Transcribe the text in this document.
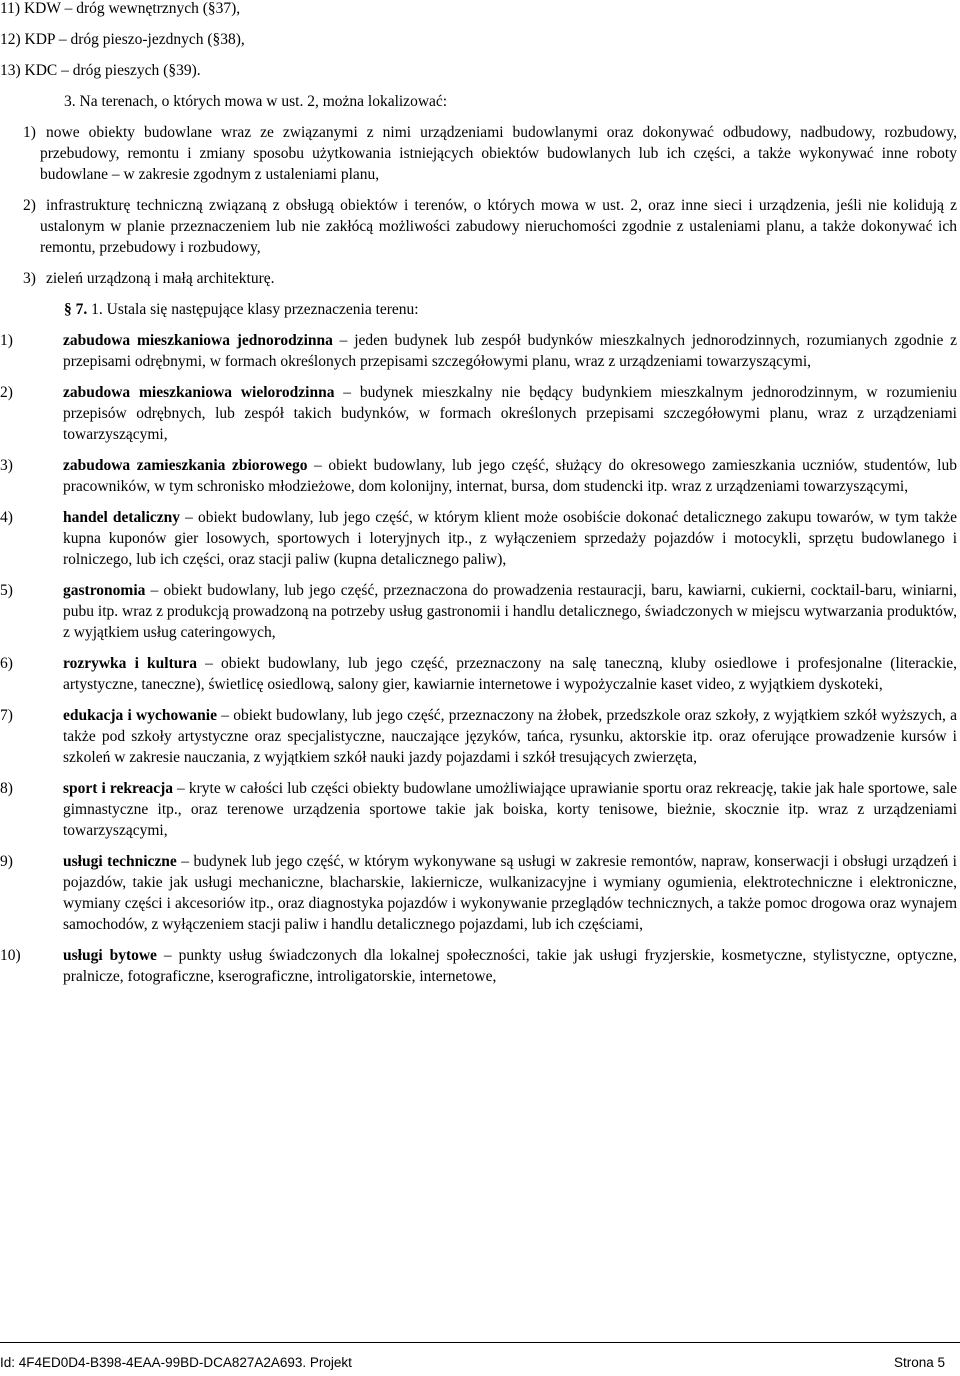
11) KDW – dróg wewnętrznych (§37),

12) KDP – dróg pieszo-jezdnych (§38),

13) KDC – dróg pieszych (§39).

3. Na terenach, o których mowa w ust. 2, można lokalizować:

1) nowe obiekty budowlane wraz ze związanymi z nimi urządzeniami budowlanymi oraz dokonywać odbudowy, nadbudowy, rozbudowy, przebudowy, remontu i zmiany sposobu użytkowania istniejących obiektów budowlanych lub ich części, a także wykonywać inne roboty budowlane – w zakresie zgodnym z ustaleniami planu,
2) infrastrukturę techniczną związaną z obsługą obiektów i terenów, o których mowa w ust. 2, oraz inne sieci i urządzenia, jeśli nie kolidują z ustalonym w planie przeznaczeniem lub nie zakłócą możliwości zabudowy nieruchomości zgodnie z ustaleniami planu, a także dokonywać ich remontu, przebudowy i rozbudowy,
3) zieleń urządzoną i małą architekturę.

§ 7. 1. Ustala się następujące klasy przeznaczenia terenu:

1)	zabudowa mieszkaniowa jednorodzinna – jeden budynek lub zespół budynków mieszkalnych jednorodzinnych, rozumianych zgodnie z przepisami odrębnymi, w formach określonych przepisami szczegółowymi planu, wraz z urządzeniami towarzyszącymi,
2)	zabudowa mieszkaniowa wielorodzinna – budynek mieszkalny nie będący budynkiem mieszkalnym jednorodzinnym, w rozumieniu przepisów odrębnych, lub zespół takich budynków, w formach określonych przepisami szczegółowymi planu, wraz z urządzeniami towarzyszącymi,
3)	zabudowa zamieszkania zbiorowego – obiekt budowlany, lub jego część, służący do okresowego zamieszkania uczniów, studentów, lub pracowników, w tym schronisko młodzieżowe, dom kolonijny, internat, bursa, dom studencki itp. wraz z urządzeniami towarzyszącymi,
4)	handel detaliczny – obiekt budowlany, lub jego część, w którym klient może osobiście dokonać detalicznego zakupu towarów, w tym także kupna kuponów gier losowych, sportowych i loteryjnych itp., z wyłączeniem sprzedaży pojazdów i motocykli, sprzętu budowlanego i rolniczego, lub ich części, oraz stacji paliw (kupna detalicznego paliw),
5)	gastronomia – obiekt budowlany, lub jego część, przeznaczona do prowadzenia restauracji, baru, kawiarni, cukierni, cocktail-baru, winiarni, pubu itp. wraz z produkcją prowadzoną na potrzeby usług gastronomii i handlu detalicznego, świadczonych w miejscu wytwarzania produktów, z wyjątkiem usług cateringowych,
6)	rozrywka i kultura – obiekt budowlany, lub jego część, przeznaczony na salę taneczną, kluby osiedlowe i profesjonalne (literackie, artystyczne, taneczne), świetlicę osiedlową, salony gier, kawiarnie internetowe i wypożyczalnie kaset video, z wyjątkiem dyskoteki,
7)	edukacja i wychowanie – obiekt budowlany, lub jego część, przeznaczony na żłobek, przedszkole oraz szkoły, z wyjątkiem szkół wyższych, a także pod szkoły artystyczne oraz specjalistyczne, nauczające języków, tańca, rysunku, aktorskie itp. oraz oferujące prowadzenie kursów i szkoleń w zakresie nauczania, z wyjątkiem szkół nauki jazdy pojazdami i szkół tresujących zwierzęta,
8)	sport i rekreacja – kryte w całości lub części obiekty budowlane umożliwiające uprawianie sportu oraz rekreację, takie jak hale sportowe, sale gimnastyczne itp., oraz terenowe urządzenia sportowe takie jak boiska, korty tenisowe, bieżnie, skocznie itp. wraz z urządzeniami towarzyszącymi,
9)	usługi techniczne – budynek lub jego część, w którym wykonywane są usługi w zakresie remontów, napraw, konserwacji i obsługi urządzeń i pojazdów, takie jak usługi mechaniczne, blacharskie, lakiernicze, wulkanizacyjne i wymiany ogumienia, elektrotechniczne i elektroniczne, wymiany części i akcesoriów itp., oraz diagnostyka pojazdów i wykonywanie przeglądów technicznych, a także pomoc drogowa oraz wynajem samochodów, z wyłączeniem stacji paliw i handlu detalicznego pojazdami, lub ich częściami,
10)	usługi bytowe – punkty usług świadczonych dla lokalnej społeczności, takie jak usługi fryzjerskie, kosmetyczne, stylistyczne, optyczne, pralnicze, fotograficzne, kserograficzne, introligatorskie, internetowe,
Id: 4F4ED0D4-B398-4EAA-99BD-DCA827A2A693. Projekt	Strona 5
